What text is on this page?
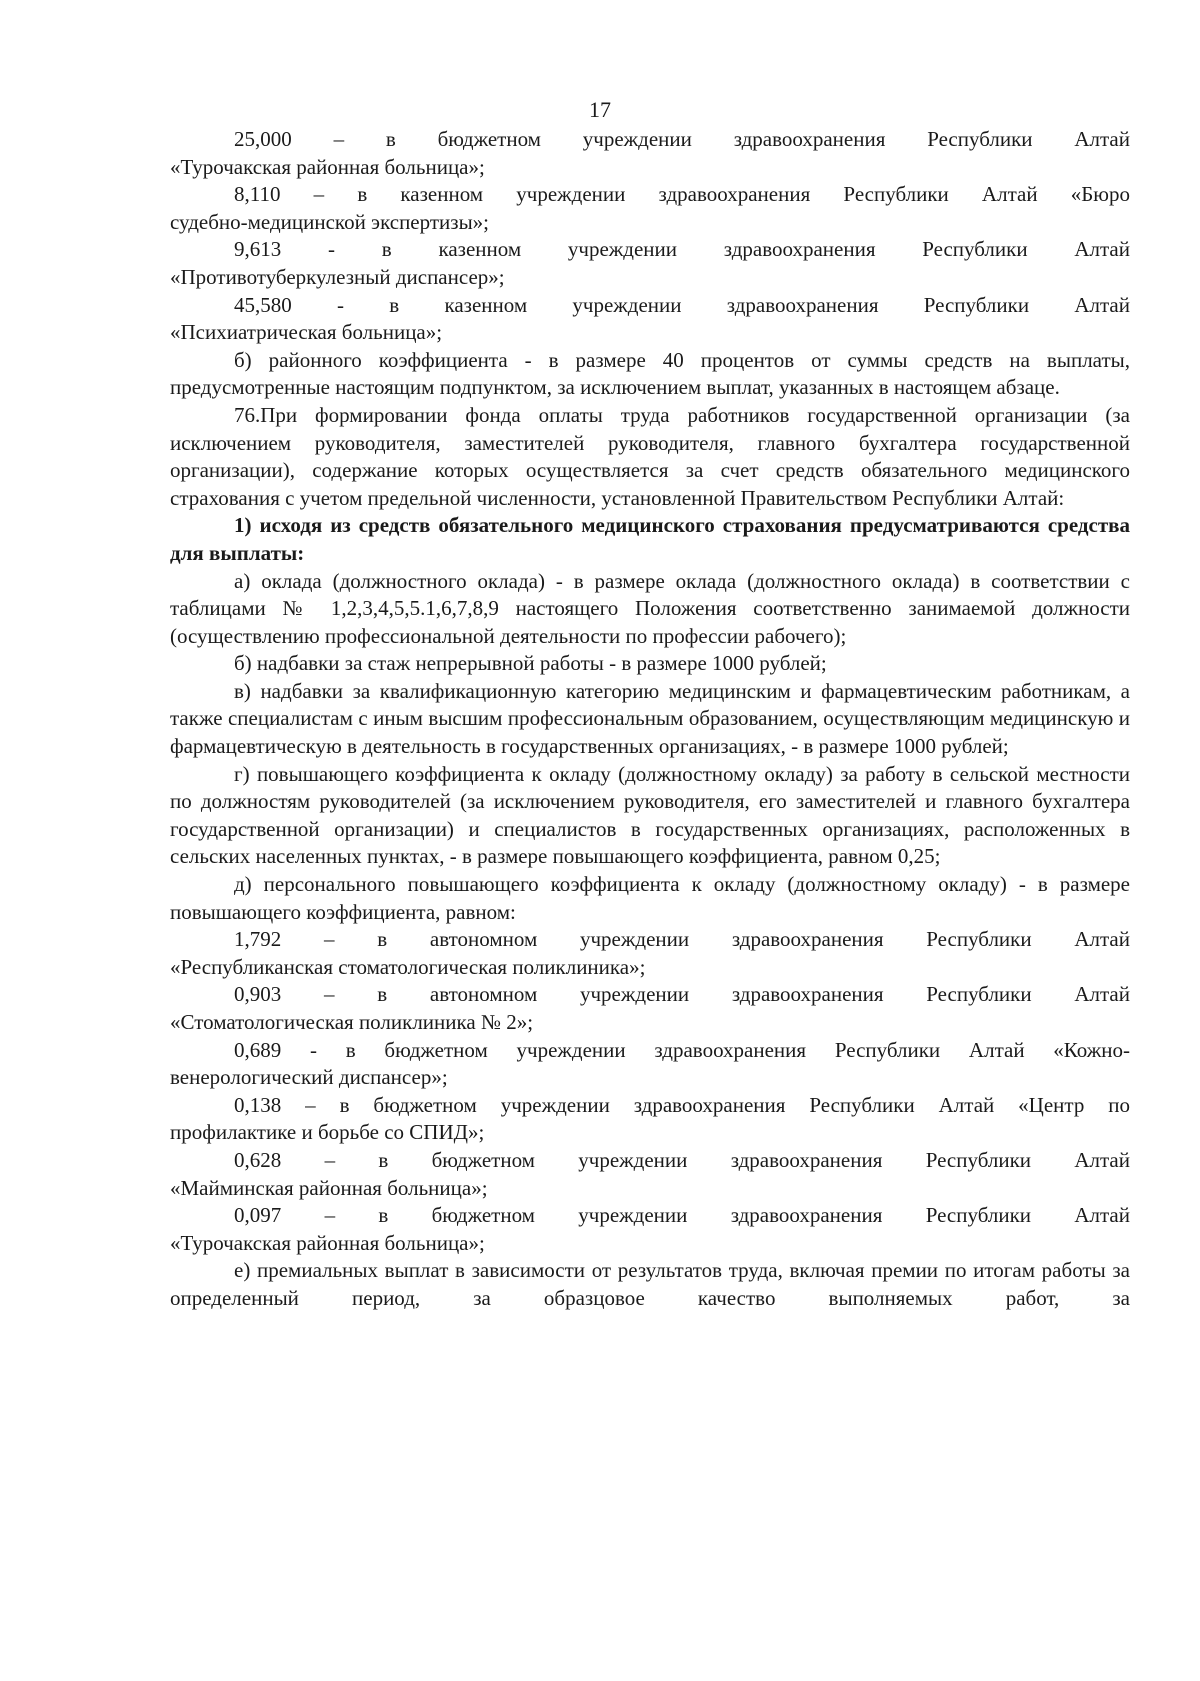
17

25,000 – в бюджетном учреждении здравоохранения Республики Алтай

«Турочакская районная больница»;

8,110 – в казенном учреждении здравоохранения Республики Алтай «Бюро

судебно-медицинской экспертизы»;

9,613 - в казенном учреждении здравоохранения Республики Алтай

«Противотуберкулезный диспансер»;

45,580 - в казенном учреждении здравоохранения Республики Алтай

«Психиатрическая больница»;

б) районного коэффициента - в размере 40 процентов от суммы средств на выплаты, предусмотренные настоящим подпунктом, за исключением выплат, указанных в настоящем абзаце.

76.При формировании фонда оплаты труда работников государственной организации (за исключением руководителя, заместителей руководителя, главного бухгалтера государственной организации), содержание которых осуществляется за счет средств обязательного медицинского страхования с учетом предельной численности, установленной Правительством Республики Алтай:

1) исходя из средств обязательного медицинского страхования предусматриваются средства для выплаты:

а) оклада (должностного оклада) - в размере оклада (должностного оклада) в соответствии с таблицами № 1,2,3,4,5,5.1,6,7,8,9 настоящего Положения соответственно занимаемой должности (осуществлению профессиональной деятельности по профессии рабочего);

б) надбавки за стаж непрерывной работы - в размере 1000 рублей;

в) надбавки за квалификационную категорию медицинским и фармацевтическим работникам, а также специалистам с иным высшим профессиональным образованием, осуществляющим медицинскую и фармацевтическую в деятельность в государственных организациях, - в размере 1000 рублей;

г) повышающего коэффициента к окладу (должностному окладу) за работу в сельской местности по должностям руководителей (за исключением руководителя, его заместителей и главного бухгалтера государственной организации) и специалистов в государственных организациях, расположенных в сельских населенных пунктах, - в размере повышающего коэффициента, равном 0,25;

д) персонального повышающего коэффициента к окладу (должностному окладу) - в размере повышающего коэффициента, равном:

1,792 – в автономном учреждении здравоохранения Республики Алтай

«Республиканская стоматологическая поликлиника»;

0,903 – в автономном учреждении здравоохранения Республики Алтай

«Стоматологическая поликлиника № 2»;

0,689 - в бюджетном учреждении здравоохранения Республики Алтай «Кожно-

венерологический диспансер»;

0,138 – в бюджетном учреждении здравоохранения Республики Алтай «Центр по

профилактике и борьбе со СПИД»;

0,628 – в бюджетном учреждении здравоохранения Республики Алтай

«Майминская районная больница»;

0,097 – в бюджетном учреждении здравоохранения Республики Алтай

«Турочакская районная больница»;

е) премиальных выплат в зависимости от результатов труда, включая премии по итогам работы за определенный период, за образцовое качество выполняемых работ, за
